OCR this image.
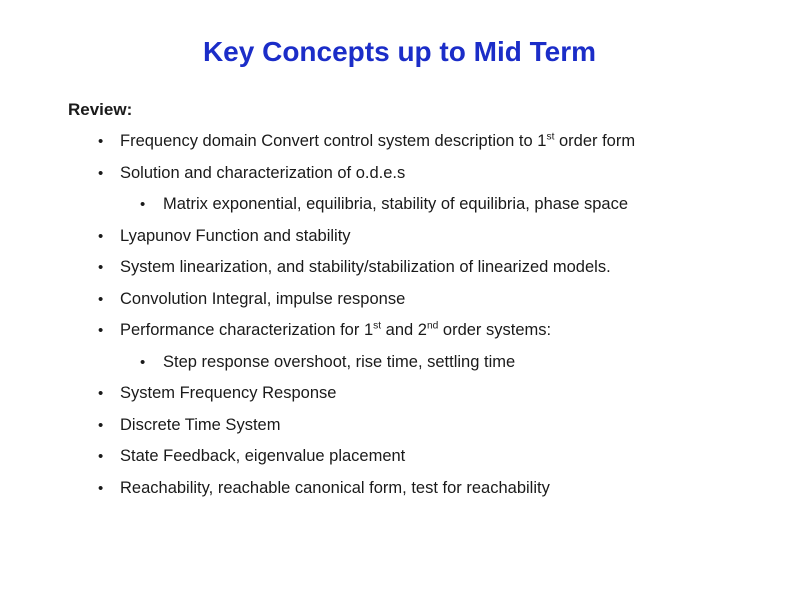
Key Concepts up to Mid Term
Review:
•	Frequency domain Convert control system description to 1st order form
•	Solution and characterization of o.d.e.s
•	Matrix exponential, equilibria, stability of equilibria, phase space
•	Lyapunov Function and stability
•	System linearization, and stability/stabilization of linearized models.
•	Convolution Integral, impulse response
•	Performance characterization for 1st and 2nd order systems:
•	Step response overshoot, rise time, settling time
•	System Frequency Response
•	Discrete Time System
•	State Feedback, eigenvalue placement
•	Reachability, reachable canonical form, test for reachability
